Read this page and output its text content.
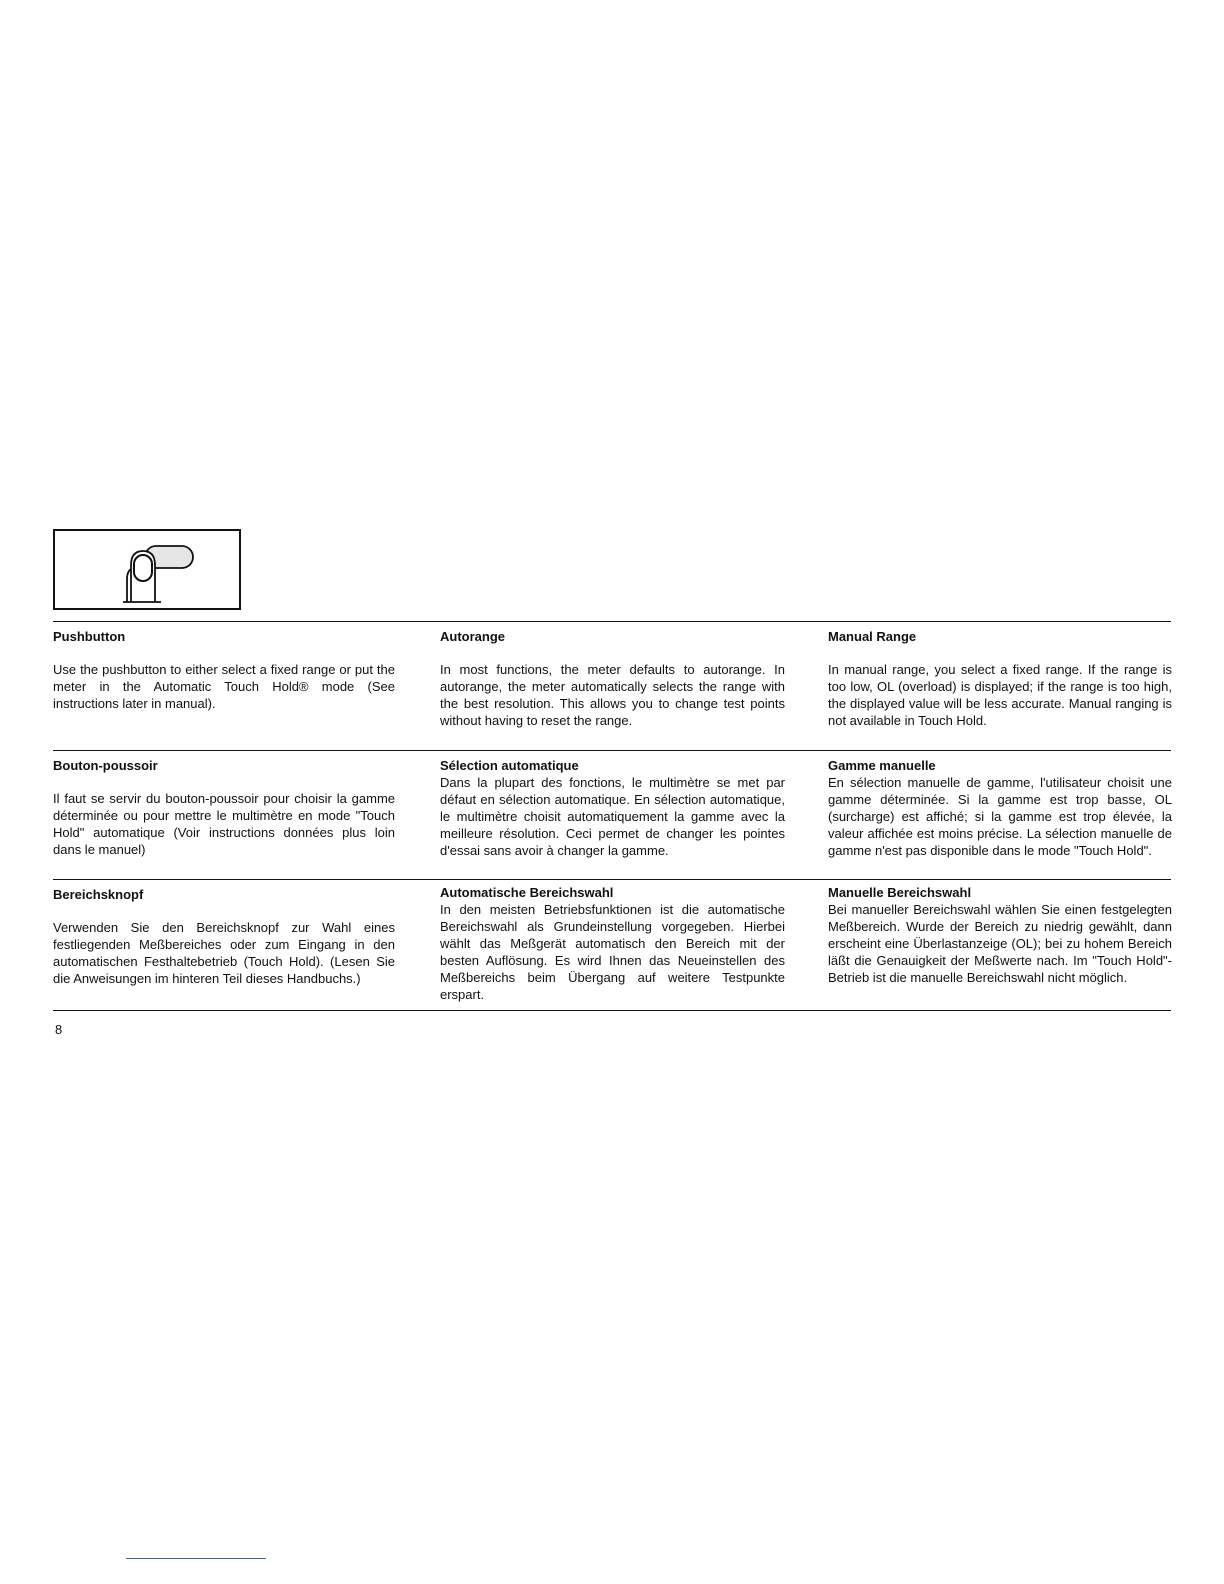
Pushbutton

Use the pushbutton to either select a fixed range or put the meter in the Automatic Touch Hold® mode (See instructions later in manual).

Autorange

In most functions, the meter defaults to autorange. In autorange, the meter automatically selects the range with the best resolution. This allows you to change test points without having to reset the range.

Manual Range

In manual range, you select a fixed range. If the range is too low, OL (overload) is displayed; if the range is too high, the displayed value will be less accurate. Manual ranging is not available in Touch Hold.

Bouton-poussoir

Il faut se servir du bouton-poussoir pour choisir la gamme déterminée ou pour mettre le multimètre en mode "Touch Hold" automatique (Voir instructions données plus loin dans le manuel)

Sélection automatique

Dans la plupart des fonctions, le multimètre se met par défaut en sélection automatique. En sélection automatique, le multimètre choisit automatiquement la gamme avec la meilleure résolution. Ceci permet de changer les pointes d'essai sans avoir à changer la gamme.

Gamme manuelle

En sélection manuelle de gamme, l'utilisateur choisit une gamme déterminée. Si la gamme est trop basse, OL (surcharge) est affiché; si la gamme est trop élevée, la valeur affichée est moins précise. La sélection manuelle de gamme n'est pas disponible dans le mode "Touch Hold".

Bereichsknopf

Verwenden Sie den Bereichsknopf zur Wahl eines festliegenden Meßbereiches oder zum Eingang in den automatischen Festhaltebetrieb (Touch Hold). (Lesen Sie die Anweisungen im hinteren Teil dieses Handbuchs.)

Automatische Bereichswahl

In den meisten Betriebsfunktionen ist die automatische Bereichswahl als Grundeinstellung vorgegeben. Hierbei wählt das Meßgerät automatisch den Bereich mit der besten Auflösung. Es wird Ihnen das Neueinstellen des Meßbereichs beim Übergang auf weitere Testpunkte erspart.

Manuelle Bereichswahl

Bei manueller Bereichswahl wählen Sie einen festgelegten Meßbereich. Wurde der Bereich zu niedrig gewählt, dann erscheint eine Überlastanzeige (OL); bei zu hohem Bereich läßt die Genauigkeit der Meßwerte nach. Im "Touch Hold"-Betrieb ist die manuelle Bereichswahl nicht möglich.

8
